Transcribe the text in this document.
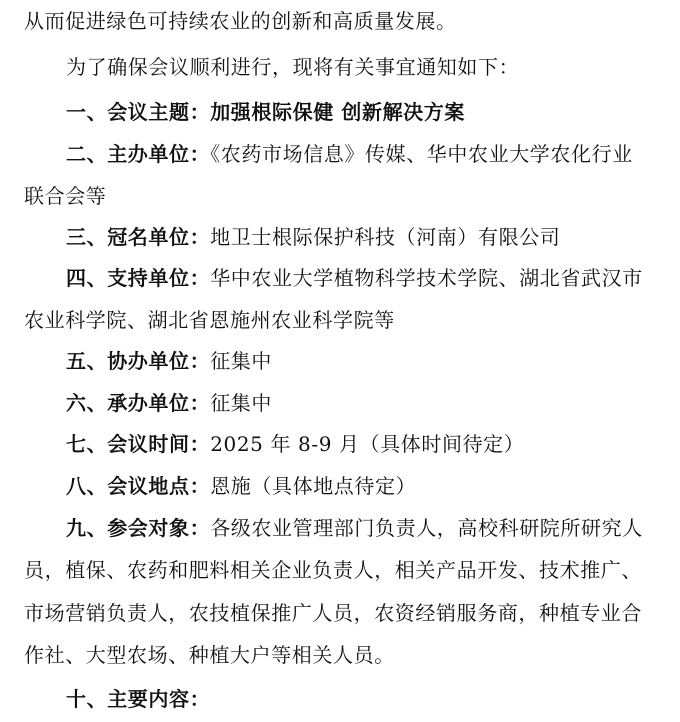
从而促进绿色可持续农业的创新和高质量发展。
为了确保会议顺利进行，现将有关事宜通知如下：
一、会议主题：加强根际保健 创新解决方案
二、主办单位：《农药市场信息》传媒、华中农业大学农化行业
联合会等
三、冠名单位：地卫士根际保护科技（河南）有限公司
四、支持单位：华中农业大学植物科学技术学院、湖北省武汉市
农业科学院、湖北省恩施州农业科学院等
五、协办单位：征集中
六、承办单位：征集中
七、会议时间：2025 年 8-9 月（具体时间待定）
八、会议地点：恩施（具体地点待定）
九、参会对象：各级农业管理部门负责人，高校科研院所研究人
员，植保、农药和肥料相关企业负责人，相关产品开发、技术推广、
市场营销负责人，农技植保推广人员，农资经销服务商，种植专业合
作社、大型农场、种植大户等相关人员。
十、主要内容：
